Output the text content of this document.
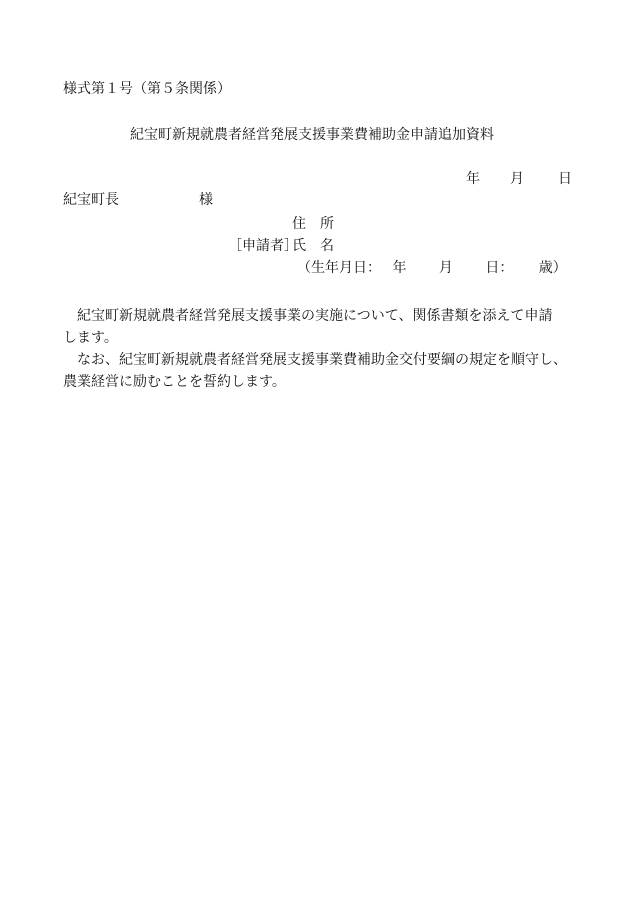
様式第１号（第５条関係）
紀宝町新規就農者経営発展支援事業費補助金申請追加資料
年 月 日
紀宝町長	様
住　所
［申請者］
氏　名
（生年月日：　 年　　 月　　 日：　　 歳）

紀宝町新規就農者経営発展支援事業の実施について、関係書類を添えて申請

します。

なお、紀宝町新規就農者経営発展支援事業費補助金交付要綱の規定を順守し、

農業経営に励むことを誓約します。
